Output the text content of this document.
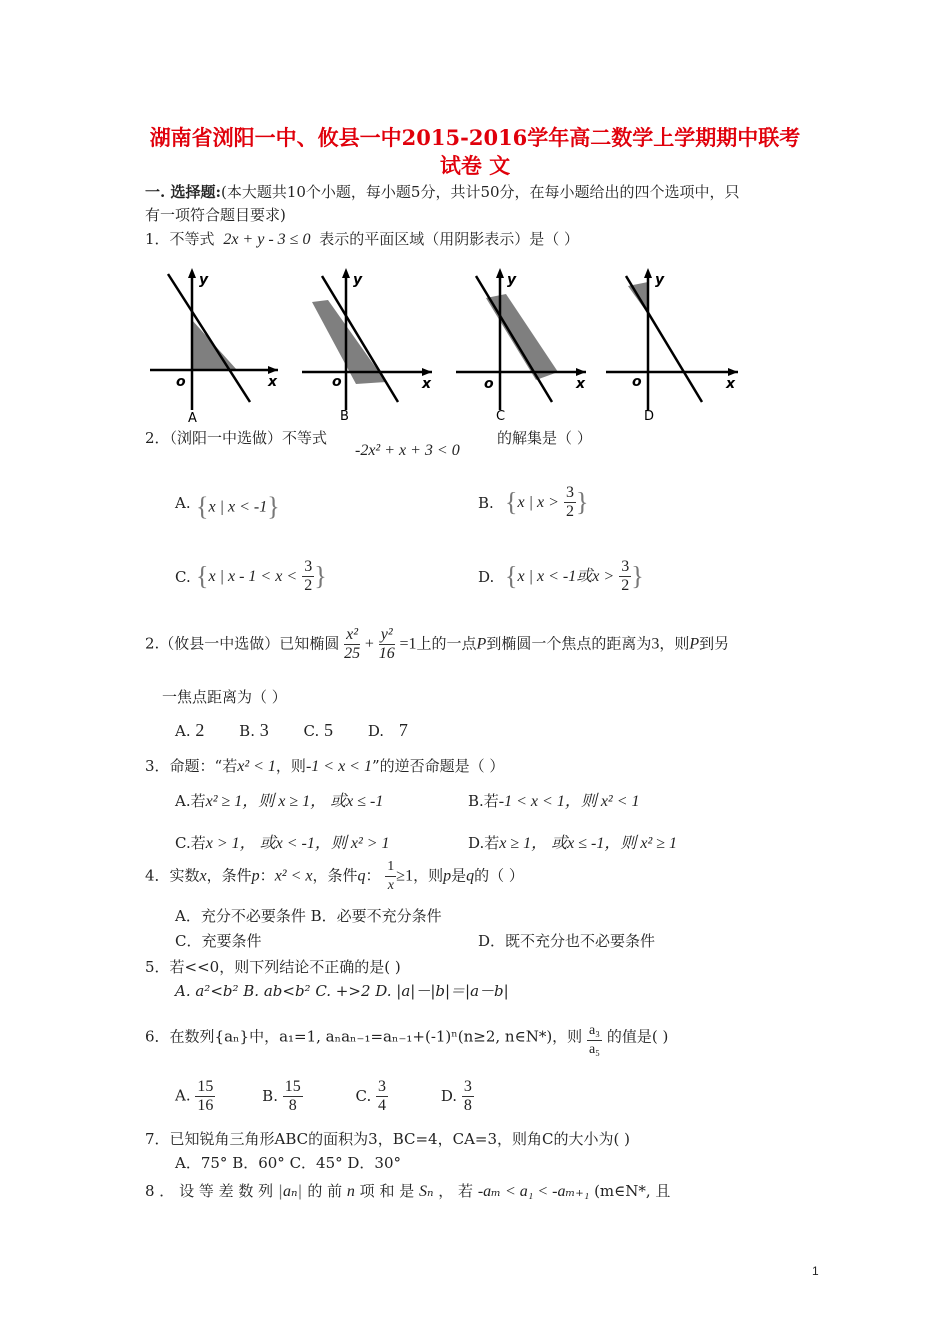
湖南省浏阳一中、攸县一中2015-2016学年高二数学上学期期中联考
试卷 文
一. 选择题:(本大题共10个小题，每小题5分，共计50分，在每小题给出的四个选项中，只
有一项符合题目要求)
1．不等式 2x + y - 3 ≤ 0 表示的平面区域（用阴影表示）是（ ）
y
x
o
A
y
x
o
B
y
x
o
C
y
x
o
D
2．（浏阳一中选做）不等式	的解集是（ ）
-2x² + x + 3 < 0
A. {x | x < -1}	B. {x | $x > \frac{3}{2}$ }
C. {x | $x - 1 < x < \frac{3}{2}$ }	D. {x | x < -1或$x > \frac{3}{2}$ }
2.（攸县一中选做）已知椭圆 $\frac{\text{x²}}{25} + \frac{\text{y²}}{16} =1$上的一点P到椭圆一个焦点的距离为3，则P到另
一焦点距离为（ ）
A. 2 B. 3 C. 5 D. 7
3．命题：“若x² < 1，则-1 < x < 1”的逆否命题是（ ）
A.若x² ≥ 1，则 x ≥ 1， 或x ≤ -1	B.若-1 < x < 1，则 x² < 1
C.若x > 1， 或x < -1，则 x² > 1	D.若x ≥ 1， 或x ≤ -1，则 x² ≥ 1
4．实数x，条件p：x² < x，条件q： $\frac{1}{x} \ge 1$，则p是q的（ ）
A．充分不必要条件 B．必要不充分条件
C．充要条件	D．既不充分也不必要条件
5．若<<0，则下列结论不正确的是( )
A. a²<b² B. ab<b² C. +>2 D. |a|－|b|＝|a－b|
6．在数列{aₙ}中，a₁=1, aₙaₙ₋₁=aₙ₋₁+(-1)ⁿ(n≥2, n∈N*)，则 $\frac{\text{a₃}}{\text{a₅}}$ 的值是( )
A. $\frac{15}{16}$	B. $\frac{15}{8}$	C. $\frac{3}{4}$	D. $\frac{3}{8}$
7．已知锐角三角形ABC的面积为3，BC=4，CA=3，则角C的大小为( )
A．75° B．60° C．45° D．30°
8 ． 设 等 差 数 列 |aₙ| 的 前 n 项 和 是 Sₙ ， 若 -aₘ < a₁ < -aₘ₊₁ (m∈N*, 且
1
